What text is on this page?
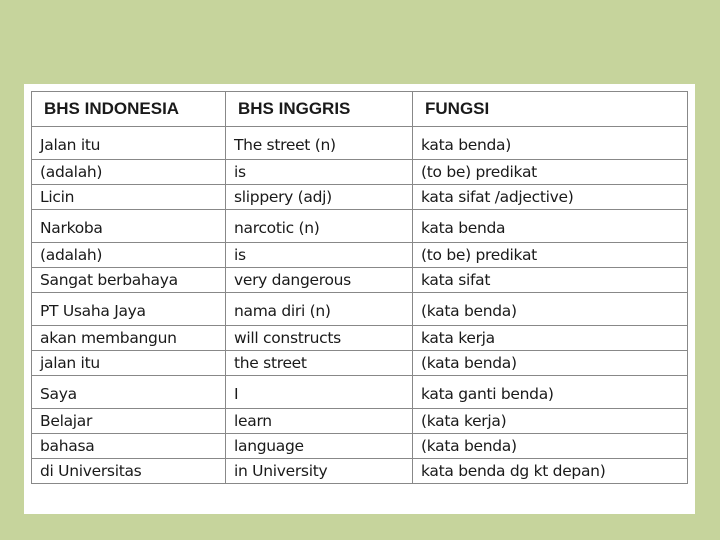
BHS INDONESIA	BHS INGGRIS	FUNGSI
Jalan itu	The street (n)	kata benda)
(adalah)	is	(to be) predikat
Licin	slippery (adj)	kata sifat /adjective)
Narkoba	narcotic (n)	kata benda
(adalah)	is	(to be) predikat
Sangat berbahaya	very dangerous	kata sifat
PT Usaha Jaya	nama diri (n)	(kata benda)
akan membangun	will constructs	kata kerja
jalan itu	the street	(kata benda)
Saya	I	kata ganti benda)
Belajar	learn	(kata kerja)
bahasa	language	(kata benda)
di Universitas	in University	kata benda dg kt depan)
